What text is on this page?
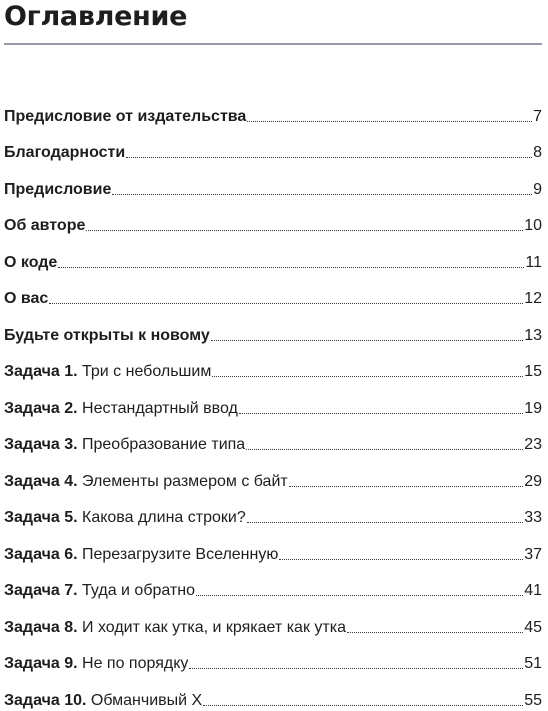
Оглавление
Предисловие от издательства	7
Благодарности	8
Предисловие	9
Об авторе	10
О коде	11
О вас	12
Будьте открыты к новому	13
Задача 1. Три с небольшим	15
Задача 2. Нестандартный ввод	19
Задача 3. Преобразование типа	23
Задача 4. Элементы размером с байт	29
Задача 5. Какова длина строки?	33
Задача 6. Перезагрузите Вселенную	37
Задача 7. Туда и обратно	41
Задача 8. И ходит как утка, и крякает как утка	45
Задача 9. Не по порядку	51
Задача 10. Обманчивый X	55
